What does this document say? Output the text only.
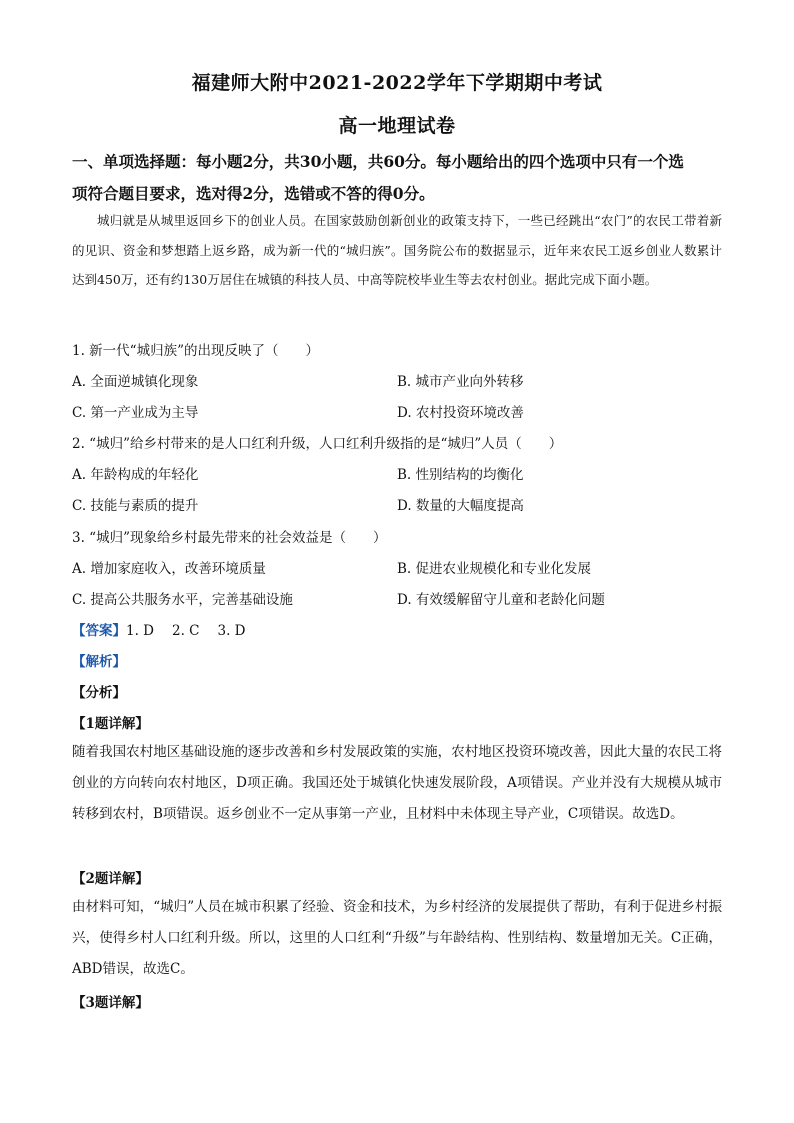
福建师大附中2021-2022学年下学期期中考试
高一地理试卷
一、单项选择题：每小题2分，共30小题，共60分。每小题给出的四个选项中只有一个选
项符合题目要求，选对得2分，选错或不答的得0分。
城归就是从城里返回乡下的创业人员。在国家鼓励创新创业的政策支持下，一些已经跳出“农门”的农民工带着新的见识、资金和梦想踏上返乡路，成为新一代的“城归族”。国务院公布的数据显示，近年来农民工返乡创业人数累计达到450万，还有约130万居住在城镇的科技人员、中高等院校毕业生等去农村创业。据此完成下面小题。
1. 新一代“城归族”的出现反映了（　　）
A. 全面逆城镇化现象	B. 城市产业向外转移
C. 第一产业成为主导	D. 农村投资环境改善
2. “城归”给乡村带来的是人口红利升级，人口红利升级指的是“城归”人员（　　）
A. 年龄构成的年轻化	B. 性别结构的均衡化
C. 技能与素质的提升	D. 数量的大幅度提高
3. “城归”现象给乡村最先带来的社会效益是（　　）
A. 增加家庭收入，改善环境质量	B. 促进农业规模化和专业化发展
C. 提高公共服务水平，完善基础设施	D. 有效缓解留守儿童和老龄化问题
【答案】1. D 2. C 3. D
【解析】
【分析】
【1题详解】
随着我国农村地区基础设施的逐步改善和乡村发展政策的实施，农村地区投资环境改善，因此大量的农民工将创业的方向转向农村地区，D项正确。我国还处于城镇化快速发展阶段，A项错误。产业并没有大规模从城市转移到农村，B项错误。返乡创业不一定从事第一产业，且材料中未体现主导产业，C项错误。故选D。
【2题详解】
由材料可知，“城归”人员在城市积累了经验、资金和技术，为乡村经济的发展提供了帮助，有利于促进乡村振兴，使得乡村人口红利升级。所以，这里的人口红利“升级”与年龄结构、性别结构、数量增加无关。C正确，ABD错误，故选C。
【3题详解】
